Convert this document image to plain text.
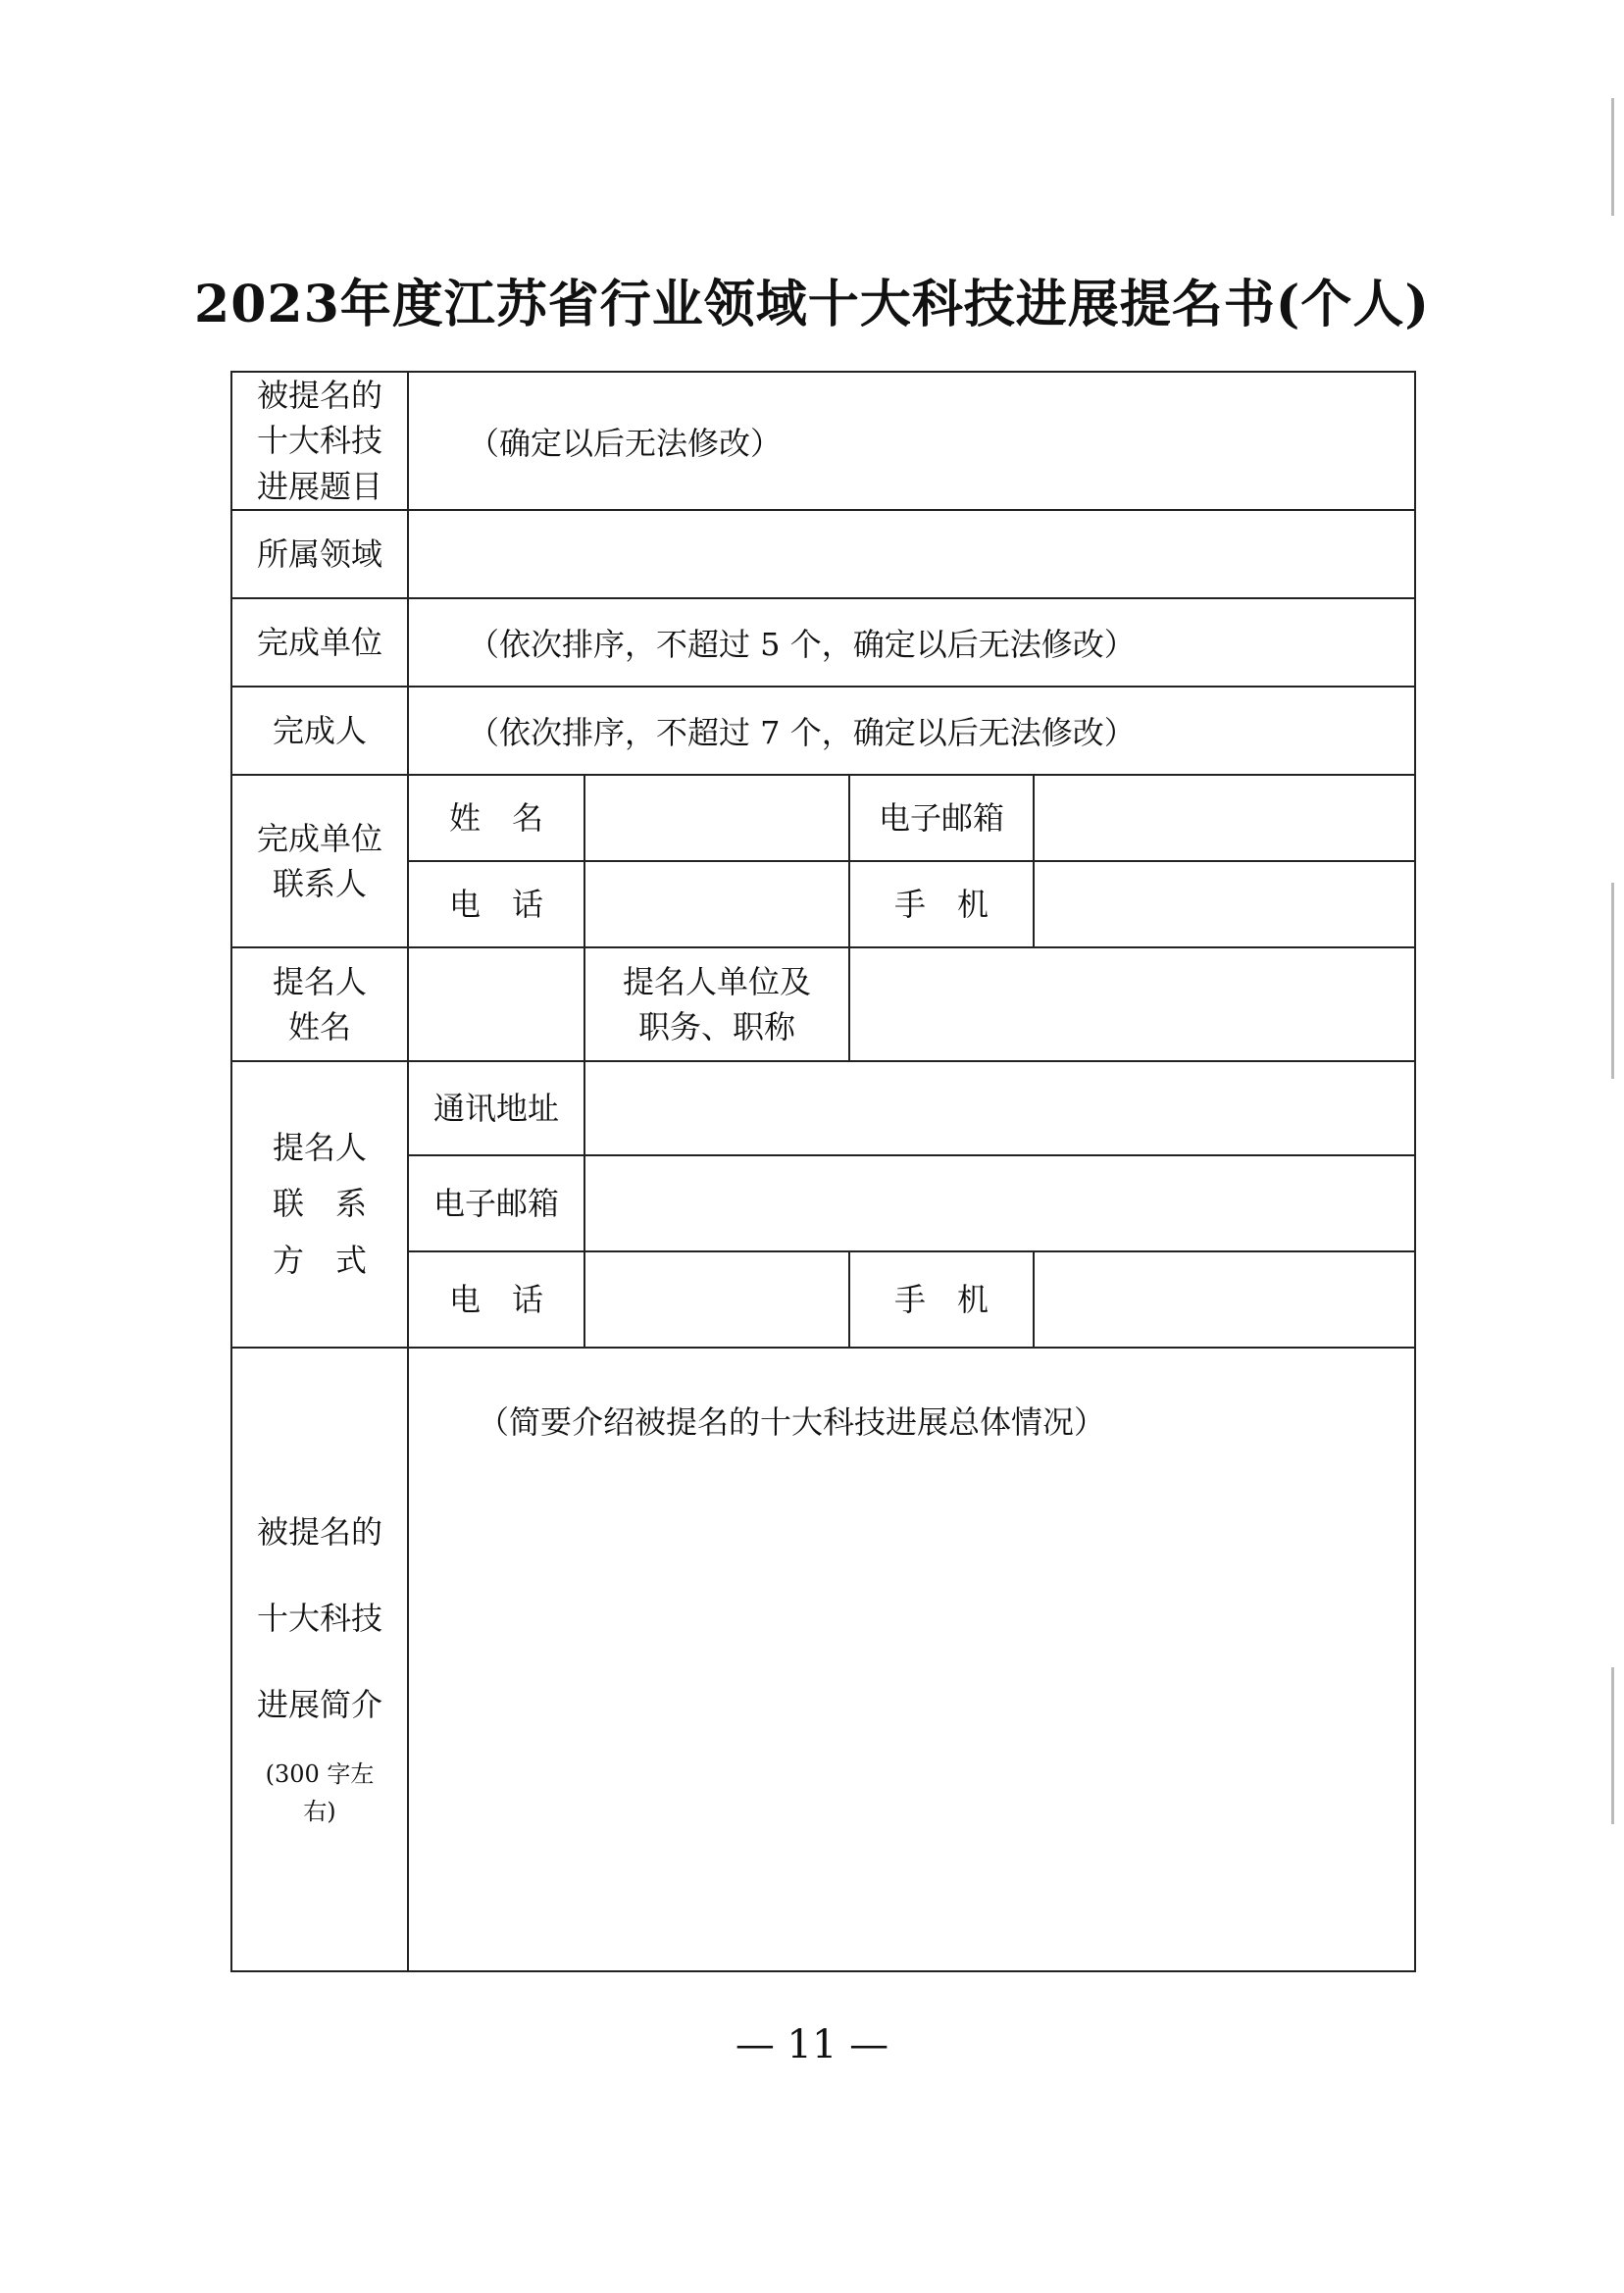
2023年度江苏省行业领域十大科技进展提名书(个人)
被提名的
十大科技
进展题目	（确定以后无法修改）			
所属领域				
完成单位	（依次排序，不超过 5 个，确定以后无法修改）			
完成人	（依次排序，不超过 7 个，确定以后无法修改）			
完成单位
联系人	姓　名		电子邮箱	
	电　话		手　机	
提名人
姓名		提名人单位及
职务、职称		
提名人
联　系
方　式	通讯地址			
	电子邮箱			
	电　话		手　机	

被提名的
十大科技
进展简介
(300 字左
右)	（简要介绍被提名的十大科技进展总体情况）			
— 11 —
